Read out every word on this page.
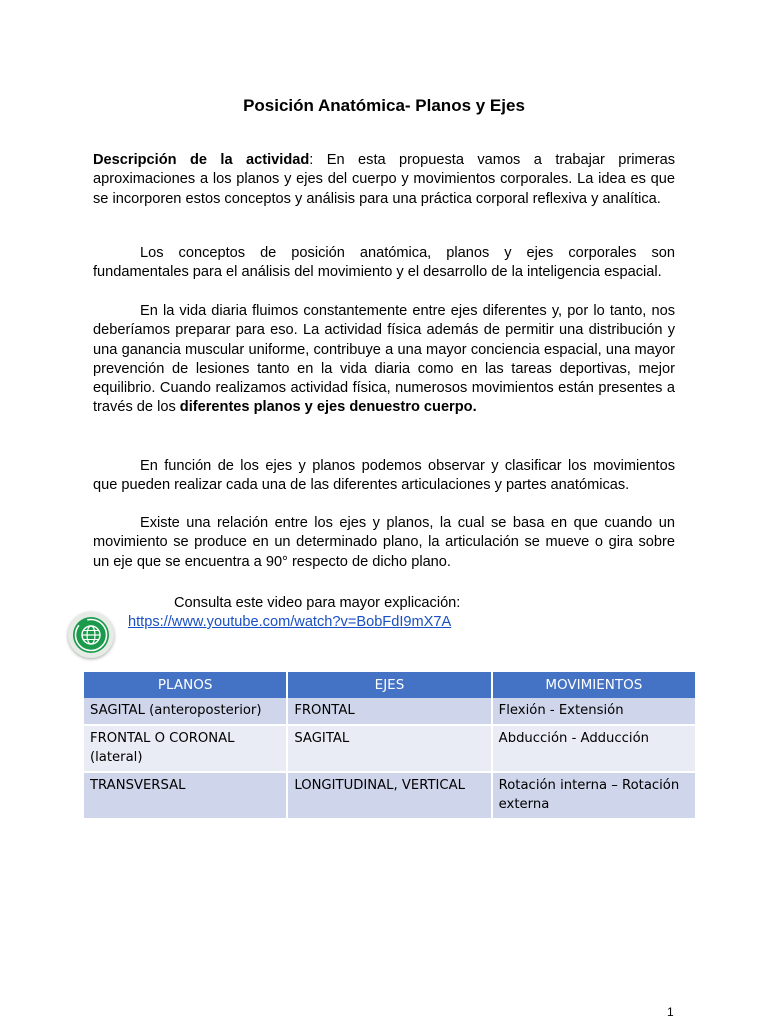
Posición Anatómica- Planos y Ejes

Descripción de la actividad: En esta propuesta vamos a trabajar primeras aproximaciones a los planos y ejes del cuerpo y movimientos corporales. La idea es que se incorporen estos conceptos y análisis para una práctica corporal reflexiva y analítica.

Los conceptos de posición anatómica, planos y ejes corporales son fundamentales para el análisis del movimiento y el desarrollo de la inteligencia espacial.

En la vida diaria fluimos constantemente entre ejes diferentes y, por lo tanto, nos deberíamos preparar para eso. La actividad física además de permitir una distribución y una ganancia muscular uniforme, contribuye a una mayor conciencia espacial, una mayor prevención de lesiones tanto en la vida diaria como en las tareas deportivas, mejor equilibrio. Cuando realizamos actividad física, numerosos movimientos están presentes a través de los diferentes planos y ejes denuestro cuerpo.

En función de los ejes y planos podemos observar y clasificar los movimientos que pueden realizar cada una de las diferentes articulaciones y partes anatómicas.

Existe una relación entre los ejes y planos, la cual se basa en que cuando un movimiento se produce en un determinado plano, la articulación se mueve o gira sobre un eje que se encuentra a 90° respecto de dicho plano.

Consulta este video para mayor explicación:
https://www.youtube.com/watch?v=BobFdI9mX7A
PLANOS	EJES	MOVIMIENTOS
SAGITAL (anteroposterior)	FRONTAL	Flexión - Extensión
FRONTAL O CORONAL (lateral)	SAGITAL	Abducción - Adducción
TRANSVERSAL	LONGITUDINAL, VERTICAL	Rotación interna – Rotación externa
1
